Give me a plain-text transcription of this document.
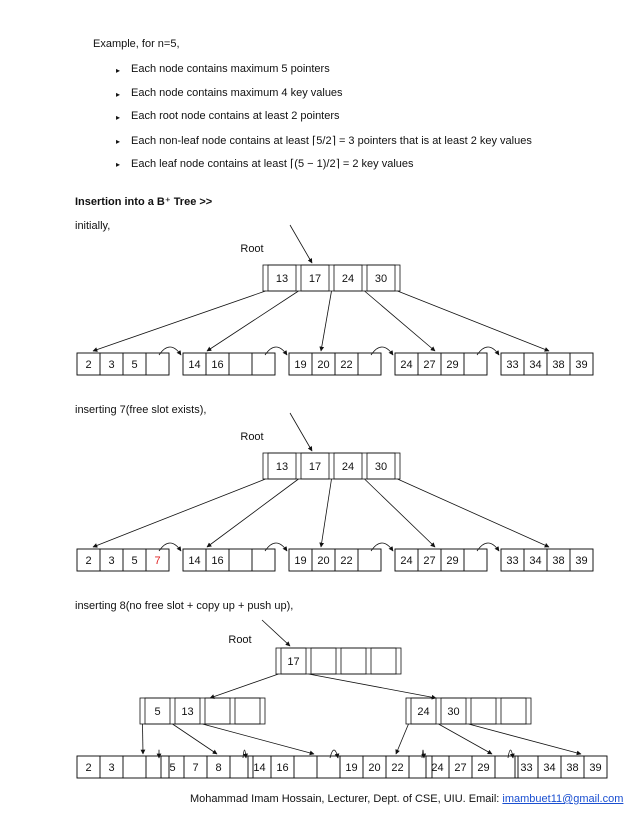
Example, for n=5,
▸ Each node contains maximum 5 pointers
▸ Each node contains maximum 4 key values
▸ Each root node contains at least 2 pointers
▸ Each non-leaf node contains at least ⌈5/2⌉ = 3 pointers that is at least 2 key values
▸ Each leaf node contains at least ⌈(5 − 1)/2⌉ = 2 key values
Insertion into a B⁺ Tree >>
initially,
inserting 7(free slot exists),
inserting 8(no free slot + copy up + push up),
Root
13 17 24 30
2 3 5	14 16	19 20 22	24 27 29	33 34 38 39
Root
13 17 24 30
2 3 5 7	14 16	19 20 22	24 27 29	33 34 38 39
Root
17
5 13	24 30
2 3	5 7 8	14 16	19 20 22	24 27 29	33 34 38 39
Mohammad Imam Hossain, Lecturer, Dept. of CSE, UIU. Email: imambuet11@gmail.com
